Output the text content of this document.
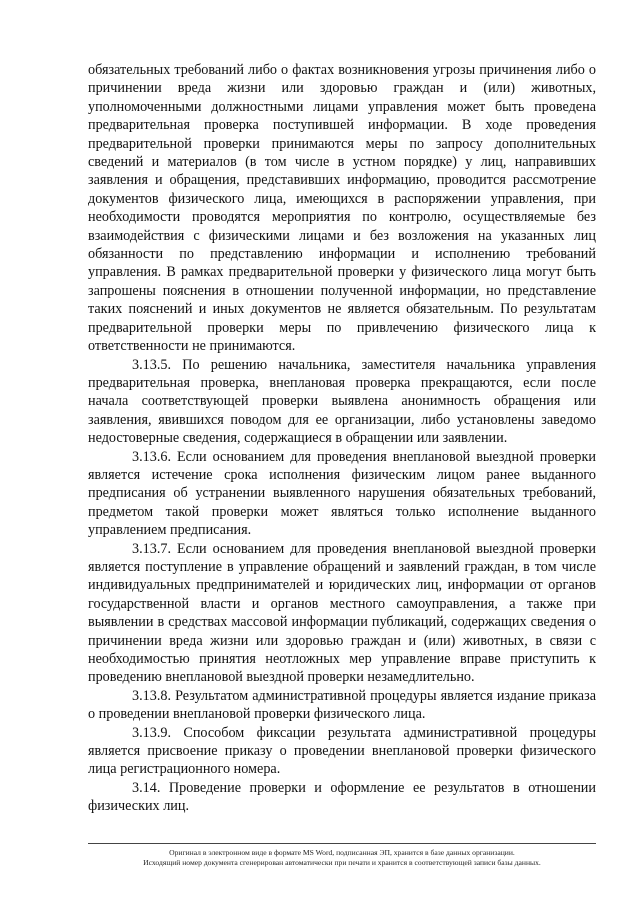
обязательных требований либо о фактах возникновения угрозы причинения либо о причинении вреда жизни или здоровью граждан и (или) животных, уполномоченными должностными лицами управления может быть проведена предварительная проверка поступившей информации. В ходе проведения предварительной проверки принимаются меры по запросу дополнительных сведений и материалов (в том числе в устном порядке) у лиц, направивших заявления и обращения, представивших информацию, проводится рассмотрение документов физического лица, имеющихся в распоряжении управления, при необходимости проводятся мероприятия по контролю, осуществляемые без взаимодействия с физическими лицами и без возложения на указанных лиц обязанности по представлению информации и исполнению требований управления. В рамках предварительной проверки у физического лица могут быть запрошены пояснения в отношении полученной информации, но представление таких пояснений и иных документов не является обязательным. По результатам предварительной проверки меры по привлечению физического лица к ответственности не принимаются.

3.13.5. По решению начальника, заместителя начальника управления предварительная проверка, внеплановая проверка прекращаются, если после начала соответствующей проверки выявлена анонимность обращения или заявления, явившихся поводом для ее организации, либо установлены заведомо недостоверные сведения, содержащиеся в обращении или заявлении.

3.13.6. Если основанием для проведения внеплановой выездной проверки является истечение срока исполнения физическим лицом ранее выданного предписания об устранении выявленного нарушения обязательных требований, предметом такой проверки может являться только исполнение выданного управлением предписания.

3.13.7. Если основанием для проведения внеплановой выездной проверки является поступление в управление обращений и заявлений граждан, в том числе индивидуальных предпринимателей и юридических лиц, информации от органов государственной власти и органов местного самоуправления, а также при выявлении в средствах массовой информации публикаций, содержащих сведения о причинении вреда жизни или здоровью граждан и (или) животных, в связи с необходимостью принятия неотложных мер управление вправе приступить к проведению внеплановой выездной проверки незамедлительно.

3.13.8. Результатом административной процедуры является издание приказа о проведении внеплановой проверки физического лица.

3.13.9. Способом фиксации результата административной процедуры является присвоение приказу о проведении внеплановой проверки физического лица регистрационного номера.

3.14. Проведение проверки и оформление ее результатов в отношении физических лиц.

Оригинал в электронном виде в формате MS Word, подписанная ЭП, хранится в базе данных организации.
Исходящий номер документа сгенерирован автоматически при печати и хранится в соответствующей записи базы данных.
